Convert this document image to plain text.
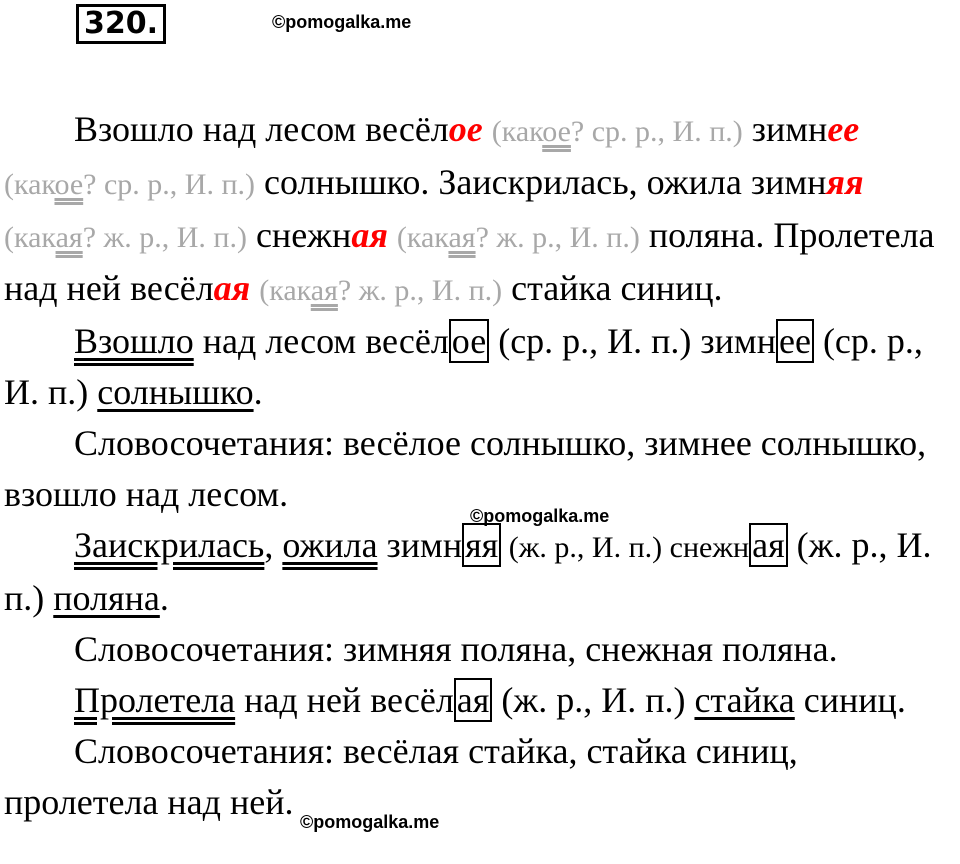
320.	©pomogalka.me
©pomogalka.me
©pomogalka.me

Взошло над лесом весёлое (какое? ср. р., И. п.) зимнее (какое? ср. р., И. п.) солнышко. Заискрилась, ожила зимняя (какая? ж. р., И. п.) снежная (какая? ж. р., И. п.) поляна. Пролетела над ней весёлая (какая? ж. р., И. п.) стайка синиц.

Взошло над лесом весёлое (ср. р., И. п.) зимнее (ср. р., И. п.) солнышко.

Словосочетания: весёлое солнышко, зимнее солнышко, взошло над лесом.

Заискрилась, ожила зимняя (ж. р., И. п.) снежная (ж. р., И. п.) поляна.

Словосочетания: зимняя поляна, снежная поляна.

Пролетела над ней весёлая (ж. р., И. п.) стайка синиц.

Словосочетания: весёлая стайка, стайка синиц, пролетела над ней.
